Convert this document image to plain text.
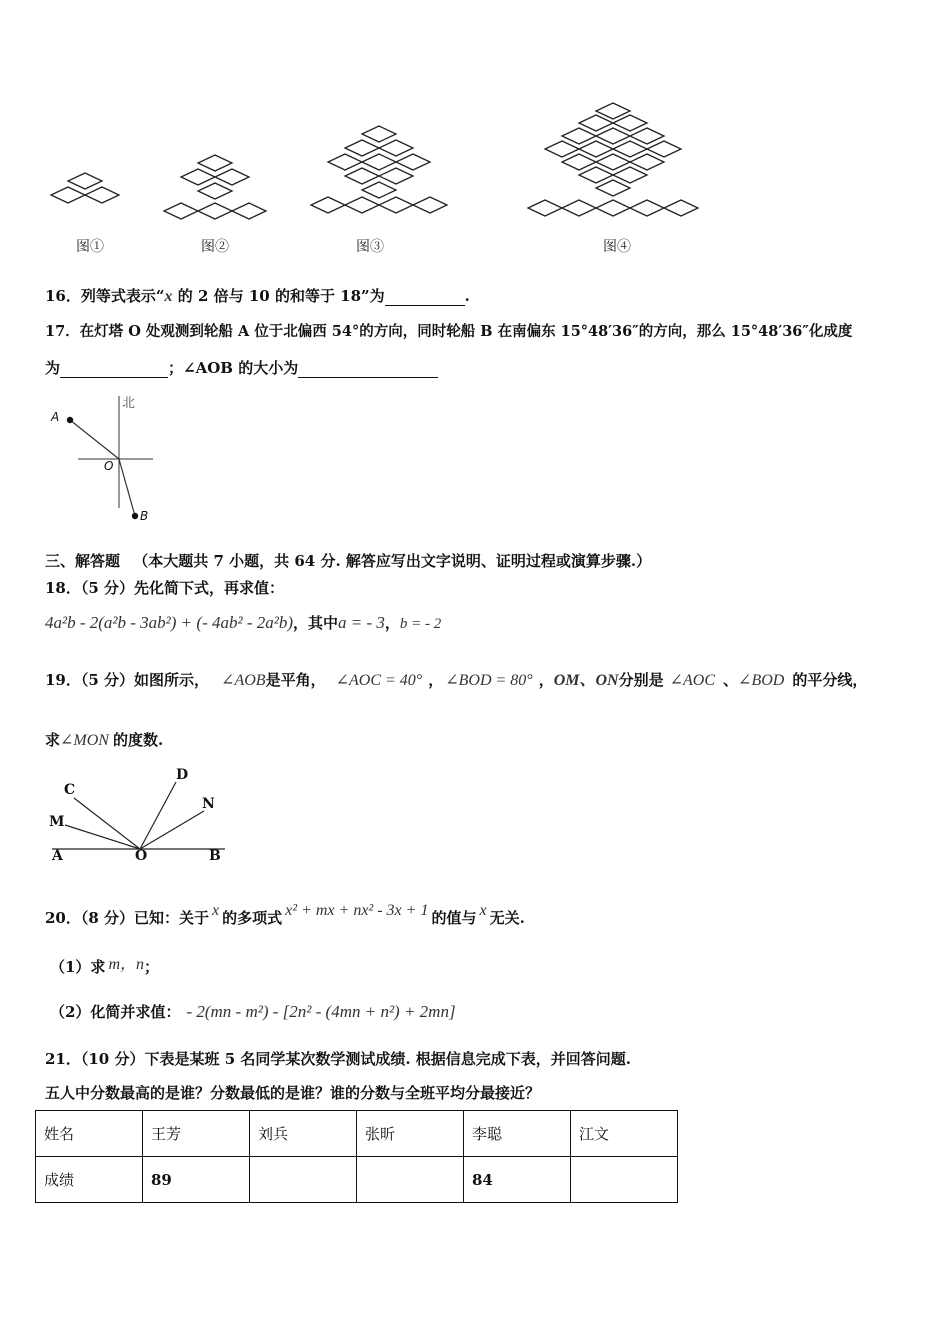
图①	图②	图③	图④
16．列等式表示“x 的 2 倍与 10 的和等于 18”为	.
17．在灯塔 O 处观测到轮船 A 位于北偏西 54°的方向，同时轮船 B 在南偏东 15°48′36″的方向，那么 15°48′36″化成度
为	；∠AOB 的大小为
北
A
O
B
三、解答题 （本大题共 7 小题，共 64 分. 解答应写出文字说明、证明过程或演算步骤.）
18．（5 分）先化简下式，再求值：
4a²b - 2(a²b - 3ab²) + (- 4ab² - 2a²b)，其中a = - 3，b = - 2
19．（5 分）如图所示， ∠AOB是平角， ∠AOC = 40° ， ∠BOD = 80° ，OM、ON分别是 ∠AOC 、∠BOD 的平分线，
求∠MON 的度数.
C
D
N
M
A	O	B
20．（8 分）已知：关于 x 的多项式 x² + mx + nx² - 3x + 1 的值与 x 无关.
（1）求 m，n；
（2）化简并求值： - 2(mn - m²) - [2n² - (4mn + n²) + 2mn]
21．（10 分）下表是某班 5 名同学某次数学测试成绩. 根据信息完成下表，并回答问题.
五人中分数最高的是谁？分数最低的是谁？谁的分数与全班平均分最接近？
姓名	王芳	刘兵	张昕	李聪	江文
成绩	89			84	
